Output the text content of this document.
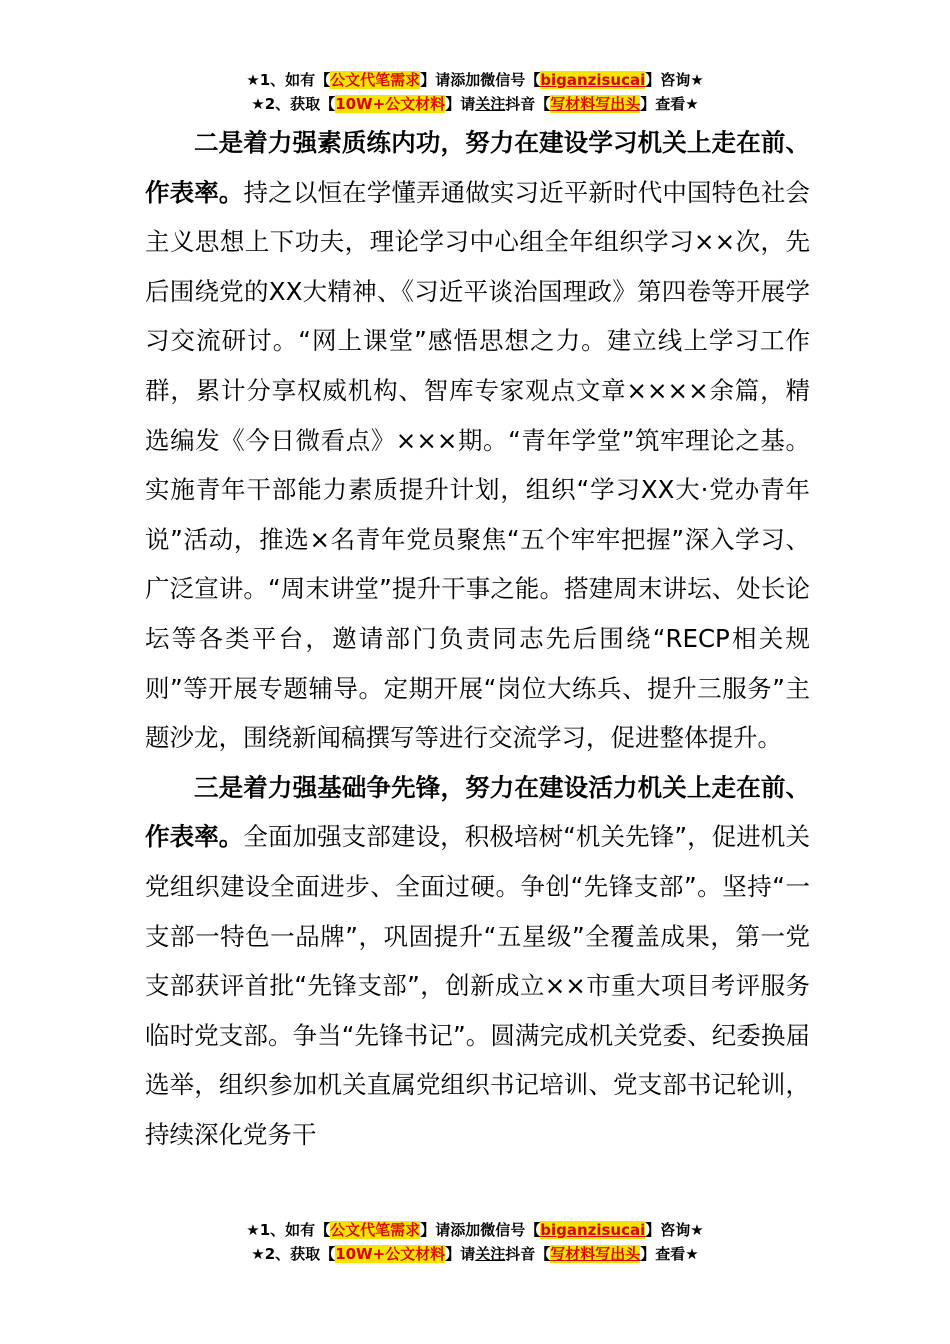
★1、如有【公文代笔需求】请添加微信号【biganzisucai】咨询★
★2、获取【10W+公文材料】请关注抖音【写材料写出头】查看★

二是着力强素质练内功，努力在建设学习机关上走在前、作表率。持之以恒在学懂弄通做实习近平新时代中国特色社会主义思想上下功夫，理论学习中心组全年组织学习××次，先后围绕党的XX大精神、《习近平谈治国理政》第四卷等开展学习交流研讨。“网上课堂”感悟思想之力。建立线上学习工作群，累计分享权威机构、智库专家观点文章××××余篇，精选编发《今日微看点》×××期。“青年学堂”筑牢理论之基。实施青年干部能力素质提升计划，组织“学习XX大·党办青年说”活动，推选×名青年党员聚焦“五个牢牢把握”深入学习、广泛宣讲。“周末讲堂”提升干事之能。搭建周末讲坛、处长论坛等各类平台，邀请部门负责同志先后围绕“RECP相关规则”等开展专题辅导。定期开展“岗位大练兵、提升三服务”主题沙龙，围绕新闻稿撰写等进行交流学习，促进整体提升。

三是着力强基础争先锋，努力在建设活力机关上走在前、作表率。全面加强支部建设，积极培树“机关先锋”，促进机关党组织建设全面进步、全面过硬。争创“先锋支部”。坚持“一支部一特色一品牌”，巩固提升“五星级”全覆盖成果，第一党支部获评首批“先锋支部”，创新成立××市重大项目考评服务临时党支部。争当“先锋书记”。圆满完成机关党委、纪委换届选举，组织参加机关直属党组织书记培训、党支部书记轮训，持续深化党务干

★1、如有【公文代笔需求】请添加微信号【biganzisucai】咨询★
★2、获取【10W+公文材料】请关注抖音【写材料写出头】查看★
